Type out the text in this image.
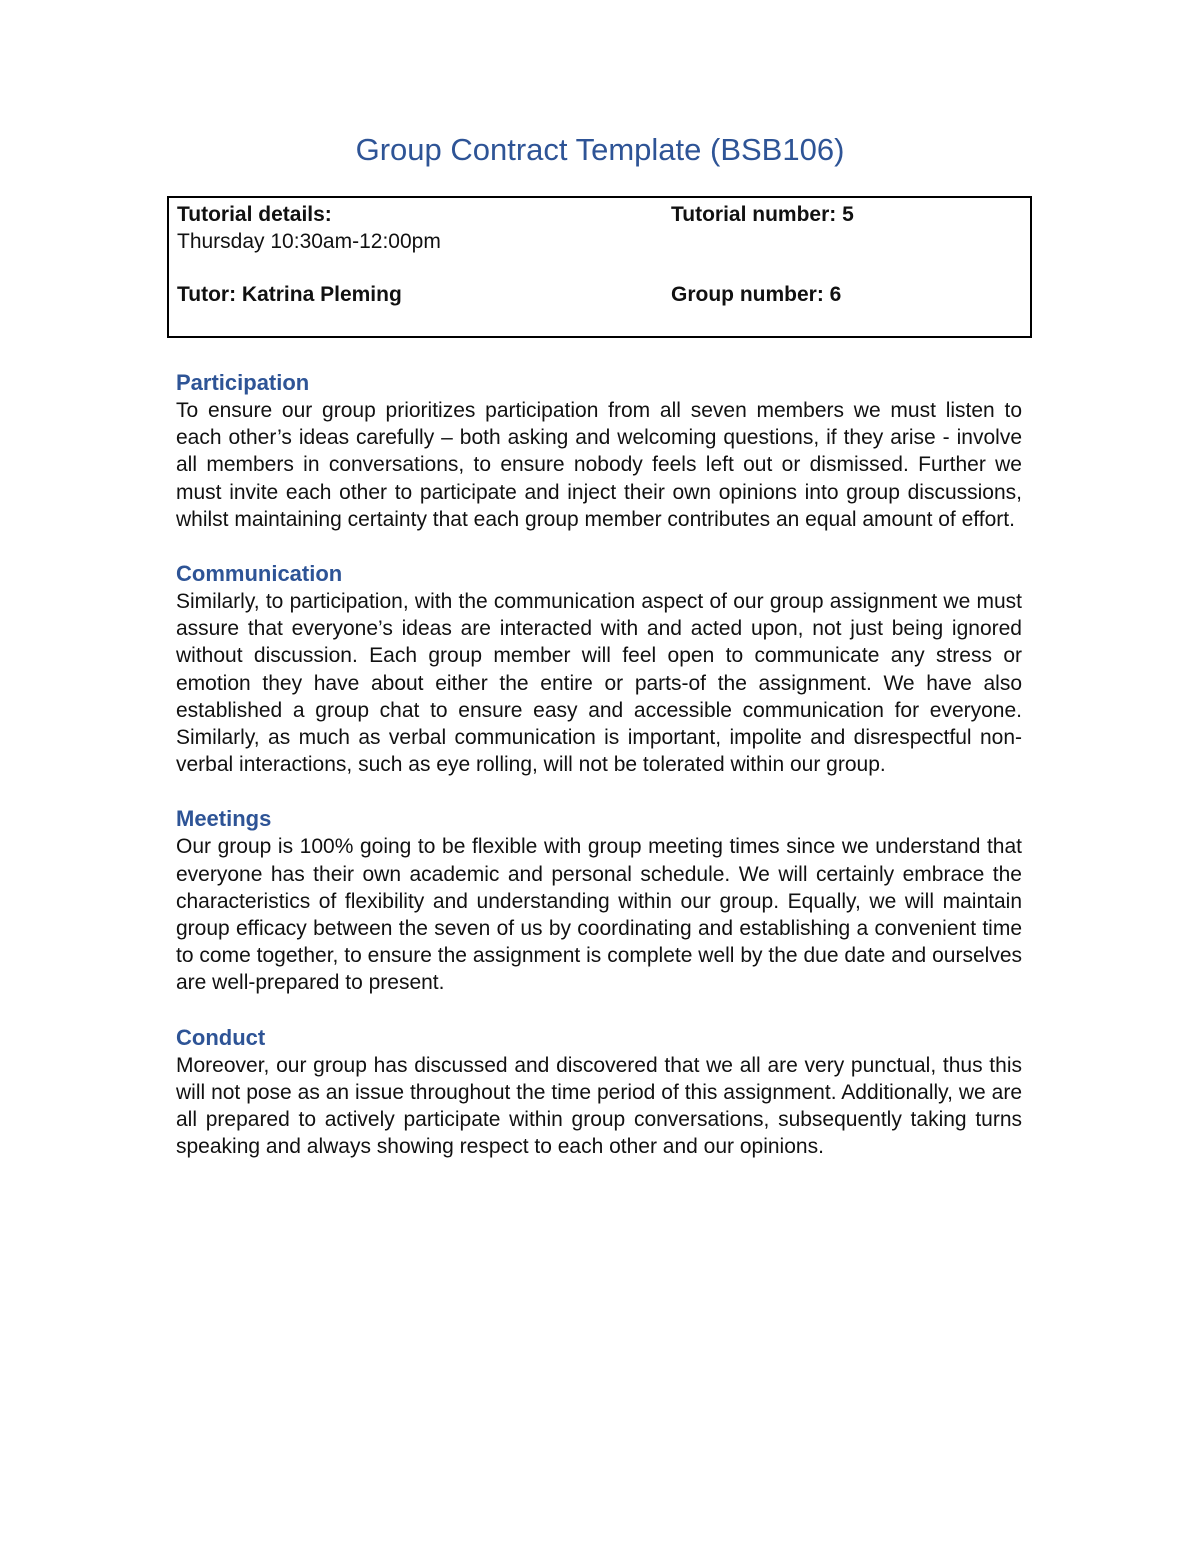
Group Contract Template (BSB106)
Tutorial details:
Thursday 10:30am-12:00pm
Tutorial number: 5
Tutor: Katrina Pleming	Group number: 6
Participation

To ensure our group prioritizes participation from all seven members we must listen to each other’s ideas carefully – both asking and welcoming questions, if they arise - involve all members in conversations, to ensure nobody feels left out or dismissed. Further we must invite each other to participate and inject their own opinions into group discussions, whilst maintaining certainty that each group member contributes an equal amount of effort.

Communication

Similarly, to participation, with the communication aspect of our group assignment we must assure that everyone’s ideas are interacted with and acted upon, not just being ignored without discussion. Each group member will feel open to communicate any stress or emotion they have about either the entire or parts-of the assignment. We have also established a group chat to ensure easy and accessible communication for everyone. Similarly, as much as verbal communication is important, impolite and disrespectful non-verbal interactions, such as eye rolling, will not be tolerated within our group.

Meetings

Our group is 100% going to be flexible with group meeting times since we understand that everyone has their own academic and personal schedule. We will certainly embrace the characteristics of flexibility and understanding within our group. Equally, we will maintain group efficacy between the seven of us by coordinating and establishing a convenient time to come together, to ensure the assignment is complete well by the due date and ourselves are well-prepared to present.

Conduct

Moreover, our group has discussed and discovered that we all are very punctual, thus this will not pose as an issue throughout the time period of this assignment. Additionally, we are all prepared to actively participate within group conversations, subsequently taking turns speaking and always showing respect to each other and our opinions.
